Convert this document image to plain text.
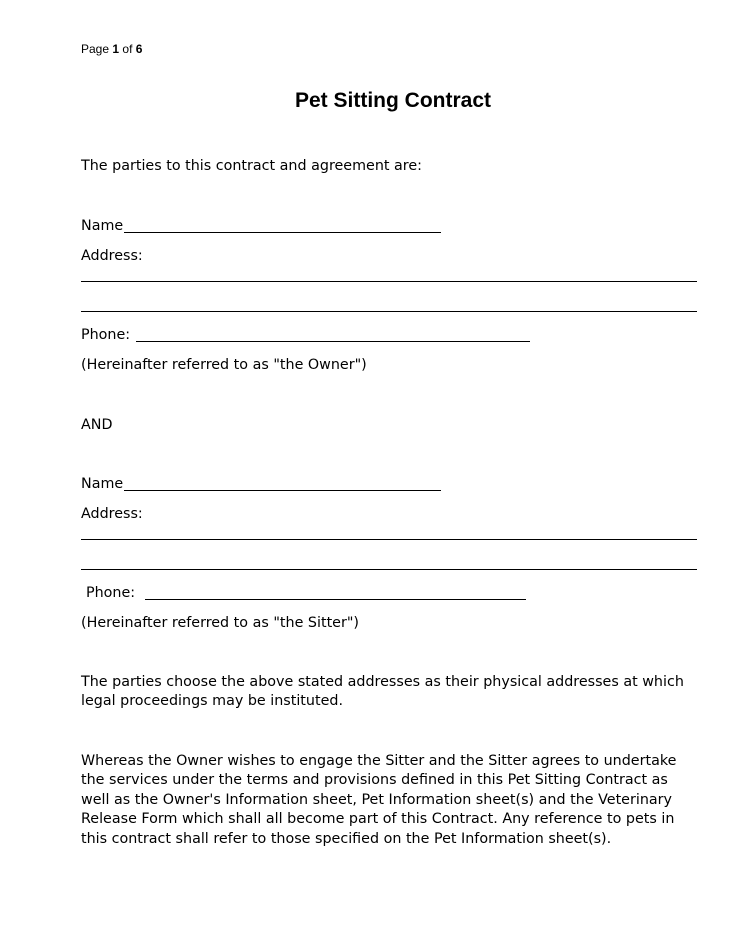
Page 1 of 6
Pet Sitting Contract
The parties to this contract and agreement are:
Name
Address:
Phone:
(Hereinafter referred to as "the Owner")
AND
Name
Address:
Phone:
(Hereinafter referred to as "the Sitter")
The parties choose the above stated addresses as their physical addresses at which
legal proceedings may be instituted.
Whereas the Owner wishes to engage the Sitter and the Sitter agrees to undertake
the services under the terms and provisions defined in this Pet Sitting Contract as
well as the Owner's Information sheet, Pet Information sheet(s) and the Veterinary
Release Form which shall all become part of this Contract. Any reference to pets in
this contract shall refer to those specified on the Pet Information sheet(s).
